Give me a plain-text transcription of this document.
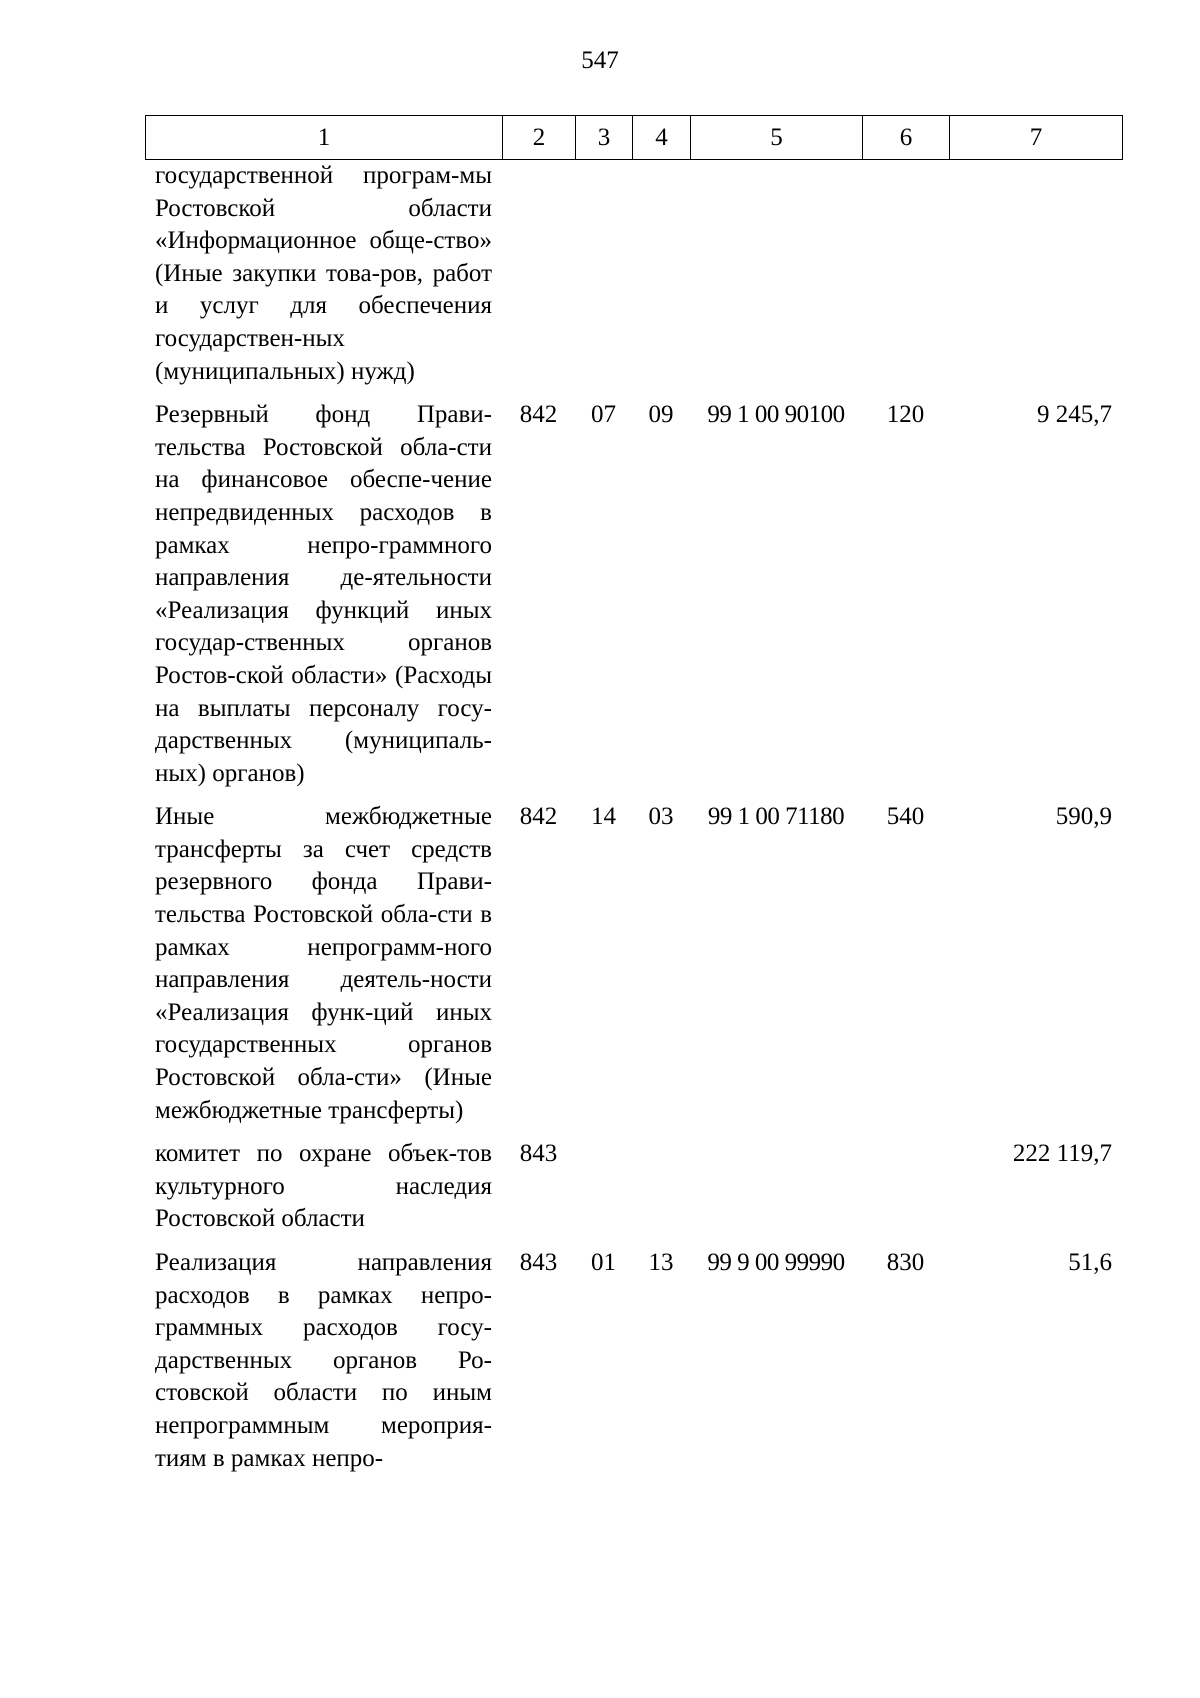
547
1	2	3	4	5	6	7
государственной програм-мы Ростовской области «Информационное обще-ство» (Иные закупки това-ров, работ и услуг для обеспечения государствен-ных (муниципальных) нужд)						
Резервный фонд Прави-тельства Ростовской обла-сти на финансовое обеспе-чение непредвиденных расходов в рамках непро-граммного направления де-ятельности «Реализация функций иных государ-ственных органов Ростов-ской области» (Расходы на выплаты персоналу госу-дарственных (муниципаль-ных) органов)	842	07	09	99 1 00 90100	120	9 245,7
Иные межбюджетные трансферты за счет средств резервного фонда Прави-тельства Ростовской обла-сти в рамках непрограмм-ного направления деятель-ности «Реализация функ-ций иных государственных органов Ростовской обла-сти» (Иные межбюджетные трансферты)	842	14	03	99 1 00 71180	540	590,9
комитет по охране объек-тов культурного наследия Ростовской области	843					222 119,7
Реализация направления расходов в рамках непро-граммных расходов госу-дарственных органов Ро-стовской области по иным непрограммным мероприя-тиям в рамках непро-	843	01	13	99 9 00 99990	830	51,6
